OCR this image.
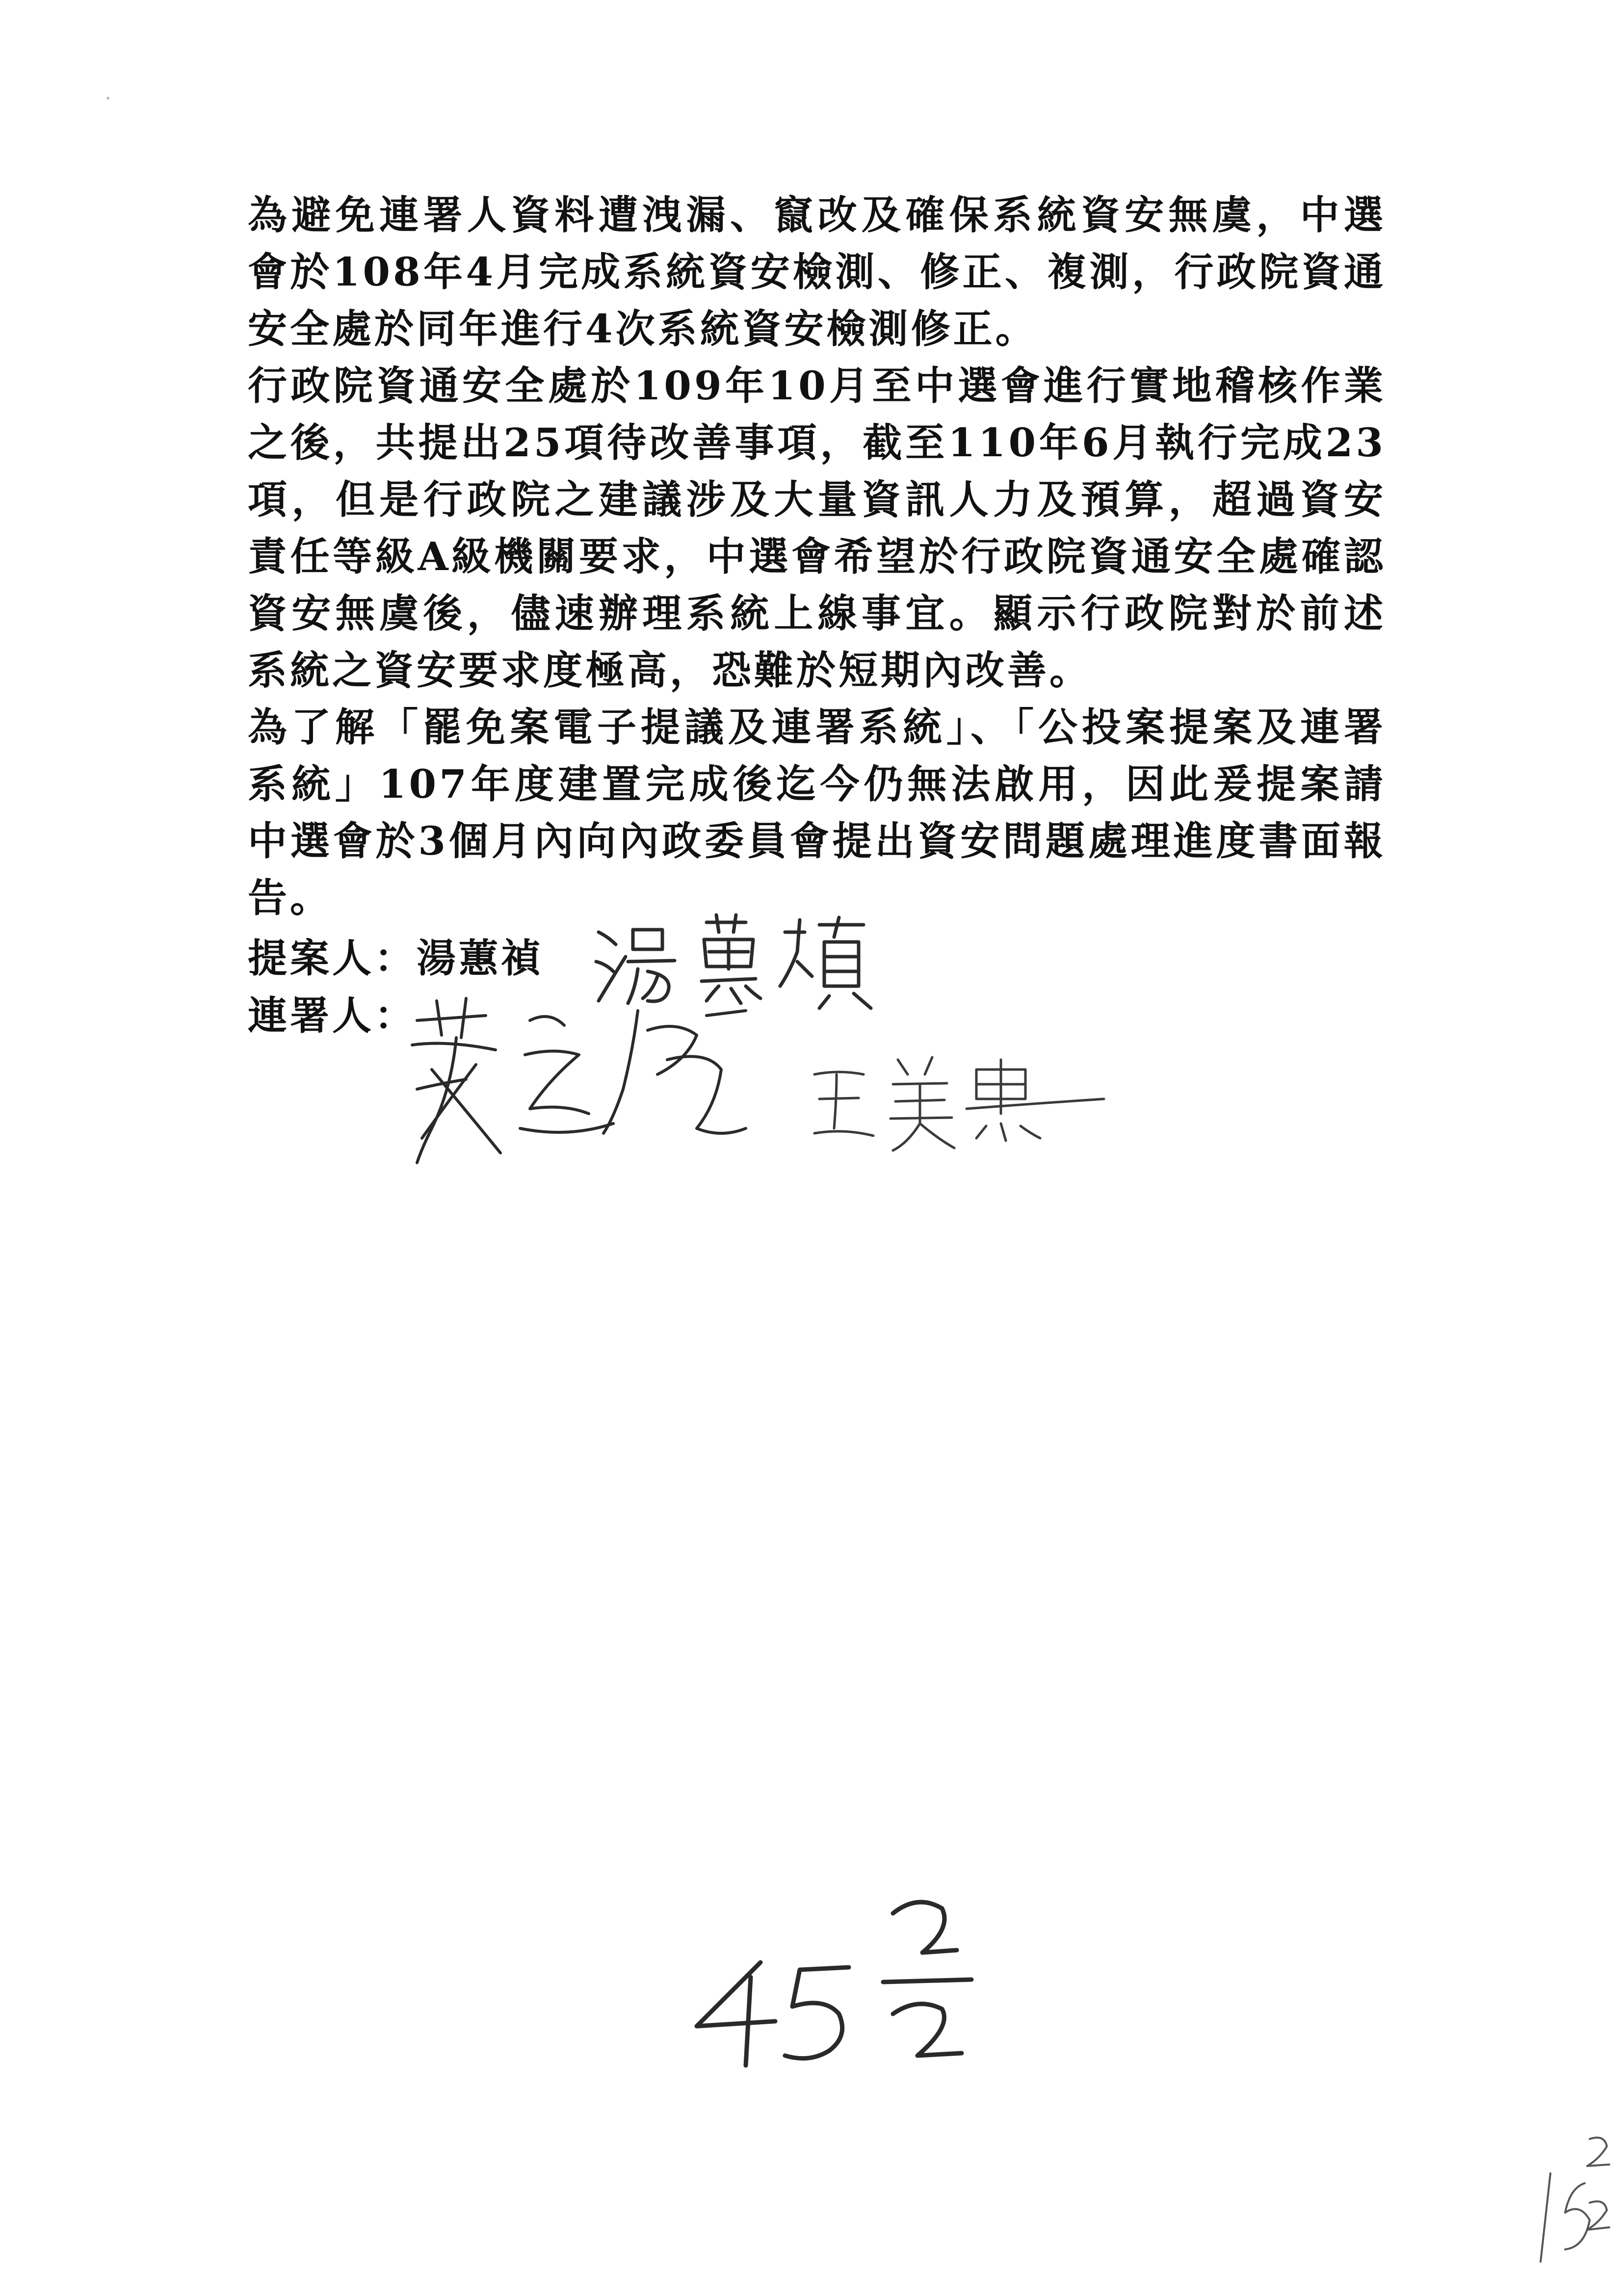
為避免連署人資料遭洩漏、竄改及確保系統資安無虞，中選會於108年4月完成系統資安檢測、修正、複測，行政院資通安全處於同年進行4次系統資安檢測修正。

行政院資通安全處於109年10月至中選會進行實地稽核作業之後，共提出25項待改善事項，截至110年6月執行完成23項，但是行政院之建議涉及大量資訊人力及預算，超過資安責任等級A級機關要求，中選會希望於行政院資通安全處確認資安無虞後，儘速辦理系統上線事宜。顯示行政院對於前述系統之資安要求度極高，恐難於短期內改善。

為了解「罷免案電子提議及連署系統」、「公投案提案及連署系統」107年度建置完成後迄今仍無法啟用，因此爰提案請中選會於3個月內向內政委員會提出資安問題處理進度書面報告。

提案人：湯蕙禎
連署人：
